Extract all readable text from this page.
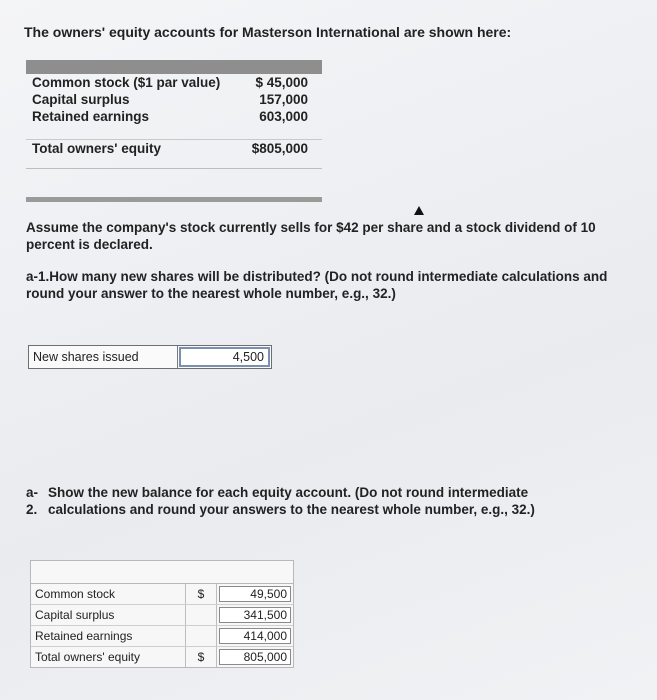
The owners' equity accounts for Masterson International are shown here:
Common stock ($1 par value)	$ 45,000
Capital surplus	157,000
Retained earnings	603,000
Total owners' equity	$805,000
Assume the company's stock currently sells for $42 per share and a stock dividend of 10 percent is declared.
a-1.How many new shares will be distributed? (Do not round intermediate calculations and round your answer to the nearest whole number, e.g., 32.)
New shares issued	4,500
a- Show the new balance for each equity account. (Do not round intermediate
2. calculations and round your answers to the nearest whole number, e.g., 32.)
Common stock	$	49,500
Capital surplus	341,500
Retained earnings	414,000
Total owners' equity	$	805,000
